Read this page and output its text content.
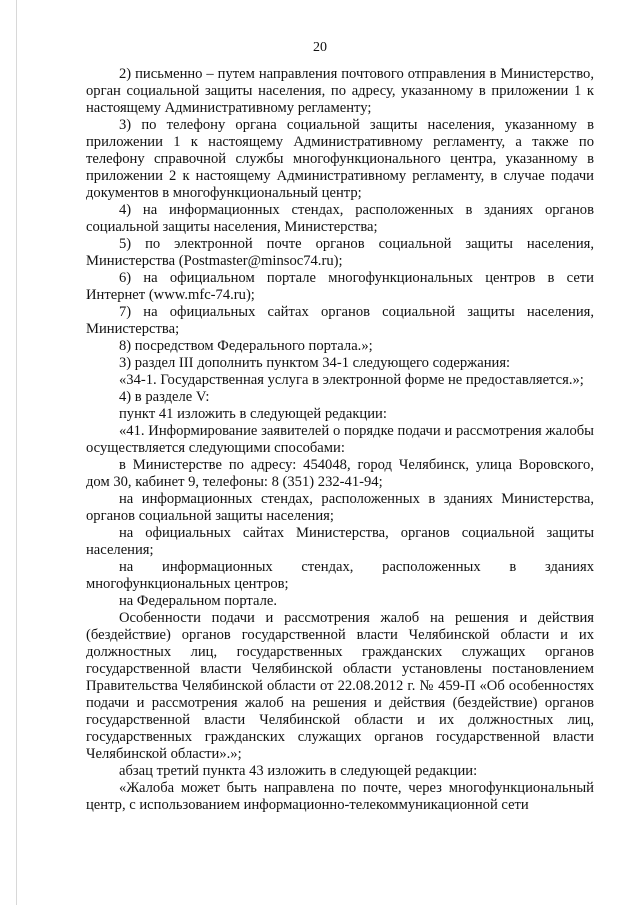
20

2) письменно – путем направления почтового отправления в Министерство, орган социальной защиты населения, по адресу, указанному в приложении 1 к настоящему Административному регламенту;

3) по телефону органа социальной защиты населения, указанному в приложении 1 к настоящему Административному регламенту, а также по телефону справочной службы многофункционального центра, указанному в приложении 2 к настоящему Административному регламенту, в случае подачи документов в многофункциональный центр;

4) на информационных стендах, расположенных в зданиях органов социальной защиты населения, Министерства;

5) по электронной почте органов социальной защиты населения, Министерства (Postmaster@minsoc74.ru);

6) на официальном портале многофункциональных центров в сети Интернет (www.mfc-74.ru);

7) на официальных сайтах органов социальной защиты населения, Министерства;

8) посредством Федерального портала.»;

3) раздел III дополнить пунктом 34-1 следующего содержания:

«34-1. Государственная услуга в электронной форме не предоставляется.»;

4) в разделе V:

пункт 41 изложить в следующей редакции:

«41. Информирование заявителей о порядке подачи и рассмотрения жалобы осуществляется следующими способами:

в Министерстве по адресу: 454048, город Челябинск, улица Воровского, дом 30, кабинет 9, телефоны: 8 (351) 232-41-94;

на информационных стендах, расположенных в зданиях Министерства, органов социальной защиты населения;

на официальных сайтах Министерства, органов социальной защиты населения;

на информационных стендах, расположенных в зданиях многофункциональных центров;

на Федеральном портале.

Особенности подачи и рассмотрения жалоб на решения и действия (бездействие) органов государственной власти Челябинской области и их должностных лиц, государственных гражданских служащих органов государственной власти Челябинской области установлены постановлением Правительства Челябинской области от 22.08.2012 г. № 459-П «Об особенностях подачи и рассмотрения жалоб на решения и действия (бездействие) органов государственной власти Челябинской области и их должностных лиц, государственных гражданских служащих органов государственной власти Челябинской области».»;

абзац третий пункта 43 изложить в следующей редакции:

«Жалоба может быть направлена по почте, через многофункциональный центр, с использованием информационно-телекоммуникационной сети
